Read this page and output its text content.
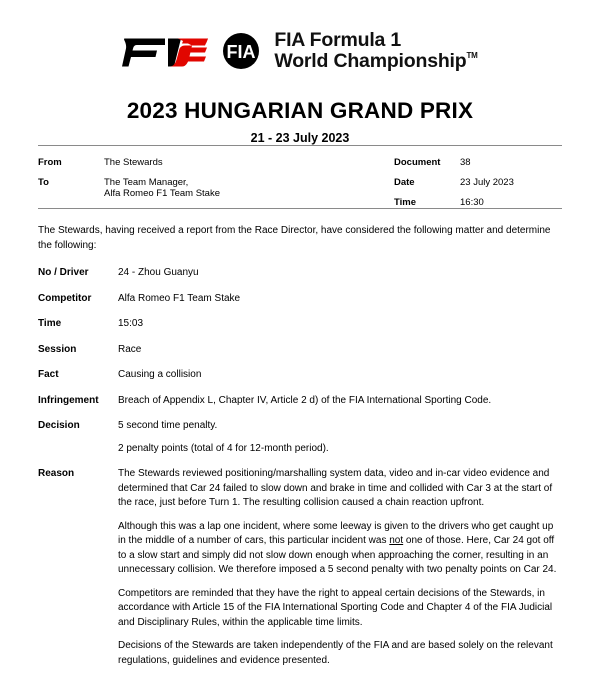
FIA
FIA Formula 1
World Championship™
2023 HUNGARIAN GRAND PRIX
21 - 23 July 2023
From	The Stewards
To	The Team Manager,
Alfa Romeo F1 Team Stake
Document	38
Date	23 July 2023
Time	16:30
The Stewards, having received a report from the Race Director, have considered the following matter and determine the following:
No / Driver	24 - Zhou Guanyu
Competitor	Alfa Romeo F1 Team Stake
Time	15:03
Session	Race
Fact	Causing a collision
Infringement	Breach of Appendix L, Chapter IV, Article 2 d) of the FIA International Sporting Code.
Decision	5 second time penalty.
2 penalty points (total of 4 for 12-month period).
Reason	The Stewards reviewed positioning/marshalling system data, video and in-car video evidence and determined that Car 24 failed to slow down and brake in time and collided with Car 3 at the start of the race, just before Turn 1. The resulting collision caused a chain reaction upfront.

Although this was a lap one incident, where some leeway is given to the drivers who get caught up in the middle of a number of cars, this particular incident was not one of those. Here, Car 24 got off to a slow start and simply did not slow down enough when approaching the corner, resulting in an unnecessary collision. We therefore imposed a 5 second penalty with two penalty points on Car 24.

Competitors are reminded that they have the right to appeal certain decisions of the Stewards, in accordance with Article 15 of the FIA International Sporting Code and Chapter 4 of the FIA Judicial and Disciplinary Rules, within the applicable time limits.

Decisions of the Stewards are taken independently of the FIA and are based solely on the relevant regulations, guidelines and evidence presented.
